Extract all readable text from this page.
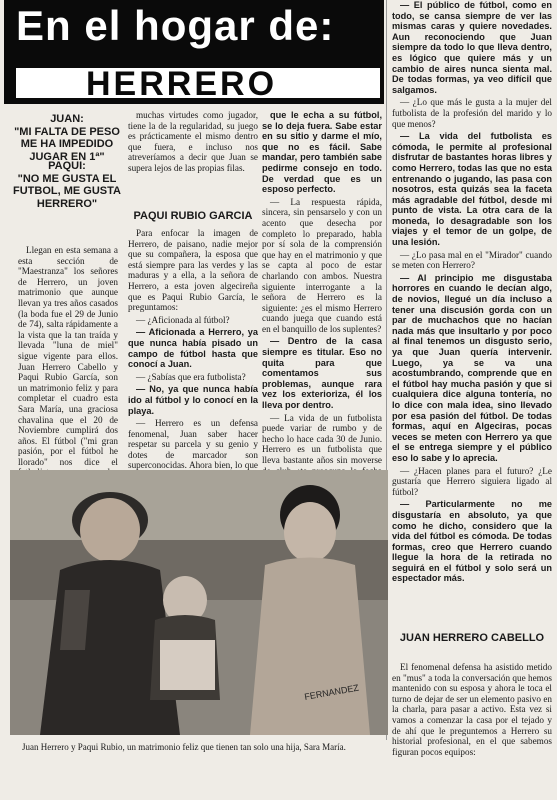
En el hogar de:
HERRERO
JUAN:
"MI FALTA DE PESO ME HA IMPEDIDO JUGAR EN 1ª"
PAQUI:
"NO ME GUSTA EL FUTBOL, ME GUSTA HERRERO"

Llegan en esta semana a esta sección de "Maestranza" los señores de Herrero, un joven matrimonio que aunque llevan ya tres años casados (la boda fue el 29 de Junio de 74), salta rápidamente a la vista que la tan traída y llevada "luna de miel" sigue vigente para ellos. Juan Herrero Cabello y Paqui Rubio García, son un matrimonio feliz y para completar el cuadro esta Sara María, una graciosa chavalina que el 20 de Noviembre cumplirá dos años. El fútbol ("mi gran pasión, por el fútbol he llorado" nos dice el

muchas virtudes como jugador, tiene la de la regularidad, su juego es prácticamente el mismo dentro que fuera, e incluso nos atreveríamos a decir que Juan se supera lejos de las propias filas.

PAQUI RUBIO GARCIA

Para enfocar la imagen de Herrero, de paisano, nadie mejor que su compañera, la esposa que está siempre para las verdes y las maduras y a ella, a la señora de Herrero, a esta joven algecireña que es Paqui Rubio García, le preguntamos:

— ¿Aficionada al fútbol?

— Aficionada a Herrero, ya que nunca había pisado un campo de fútbol hasta que conocí a Juan.

— ¿Sabías que era futbolista?

— No, ya que nunca había ido al fútbol y lo conocí en la playa.

— Herrero es un defensa fenomenal, Juan saber hacer respetar su parcela y su genio y dotes de marcador son superconocidas. Ahora bien, lo que

que le echa a su fútbol, se lo deja fuera. Sabe estar en su sitio y darme el mío, que no es fácil. Sabe mandar, pero también sabe pedirme consejo en todo. De verdad que es un esposo perfecto.

— La respuesta rápida, sincera, sin pensarselo y con un acento que desecha por completo lo preparado, habla por sí sola de la comprensión que hay en el matrimonio y que se capta al poco de estar charlando con ambos. Nuestra siguiente interrogante a la señora de Herrero es la siguiente: ¿es el mismo Herrero cuando juega que cuando está en el banquillo de los suplentes?

— Dentro de la casa siempre es titular. Eso no quita para que comentamos sus problemas, aunque rara vez los exterioriza, él los lleva por dentro.

— La vida de un futbolista puede variar de rumbo y de hecho lo hace cada 30 de Junio. Herrero es un futbolista que lleva bastante años sin moverse

— El público de fútbol, como en todo, se cansa siempre de ver las mismas caras y quiere novedades. Aun reconociendo que Juan siempre da todo lo que lleva dentro, es lógico que quiere más y un cambio de aires nunca sienta mal. De todas formas, ya veo difícil que salgamos.

— ¿Lo que más le gusta a la mujer del futbolista de la profesión del marido y lo que menos?

— La vida del futbolista es cómoda, le permite al profesional disfrutar de bastantes horas libres y como Herrero, todas las que no esta entrenando o jugando, las pasa con nosotros, esta quizás sea la faceta más agradable del fútbol, desde mi punto de vista. La otra cara de la moneda, lo desagradable son los viajes y el temor de un golpe, de una lesión.

— ¿Lo pasa mal en el "Mirador" cuando se meten con Herrero?

— Al principio me disgustaba horrores en cuando le decían algo, de novios, llegué un día incluso a tener una discusión gorda con un par de muchachos que no hacían nada más que insultarlo y por poco al final tenemos un disgusto serio, ya que Juan quería intervenir. Luego, ya se va una acostumbrando, comprende que en el fútbol hay mucha pasión y que si cualquiera dice alguna tontería, no lo dice con mala idea, sino llevado por esa pasión del fútbol. De todas formas, aquí en Algeciras, pocas veces se meten con Herrero ya que el se entrega siempre y el público eso lo sabe y lo aprecia.

— ¿Hacen planes para el futuro? ¿Le gustaría que Herrero siguiera ligado al fútbol?

— Particularmente no me disgustaría en absoluto, ya que como he dicho, considero que la vida del fútbol es cómoda. De todas formas, creo que Herrero cuando llegue la hora de la retirada no seguirá en el fútbol y solo será un espectador más.

JUAN HERRERO CABELLO

El fenomenal defensa ha asistido metido en "mus" a toda la conversación que hemos mantenido con su esposa y ahora le toca el turno de dejar de ser un elemento pasivo en la charla, para pasar a activo. Esta vez si vamos a comenzar la casa por el tejado y de ahí que le preguntemos a Herrero su historial profesional, en el que sabemos figuran pocos equipos:

FERNANDEZ
Juan Herrero y Paqui Rubio, un matrimonio feliz que tienen tan solo una hija, Sara María.
